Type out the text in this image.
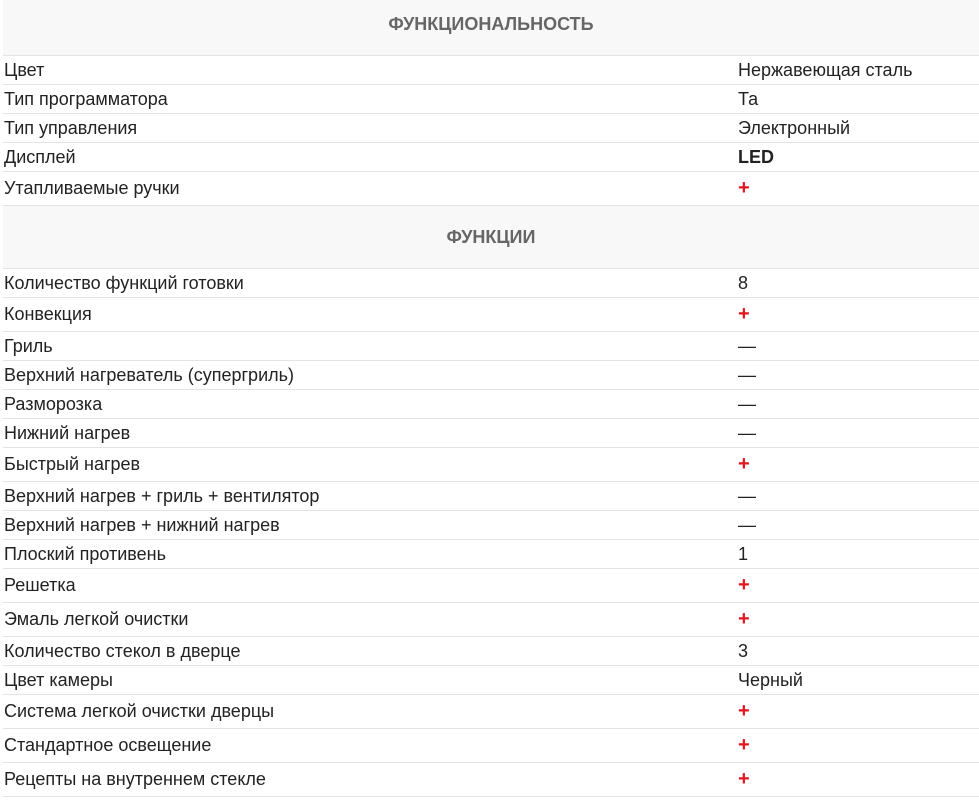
ФУНКЦИОНАЛЬНОСТЬ
Цвет	Нержавеющая сталь
Тип программатора	Та
Тип управления	Электронный
Дисплей	LED
Утапливаемые ручки	+
ФУНКЦИИ
Количество функций готовки	8
Конвекция	+
Гриль	—
Верхний нагреватель (супергриль)	—
Разморозка	—
Нижний нагрев	—
Быстрый нагрев	+
Верхний нагрев + гриль + вентилятор	—
Верхний нагрев + нижний нагрев	—
Плоский противень	1
Решетка	+
Эмаль легкой очистки	+
Количество стекол в дверце	3
Цвет камеры	Черный
Система легкой очистки дверцы	+
Стандартное освещение	+
Рецепты на внутреннем стекле	+
